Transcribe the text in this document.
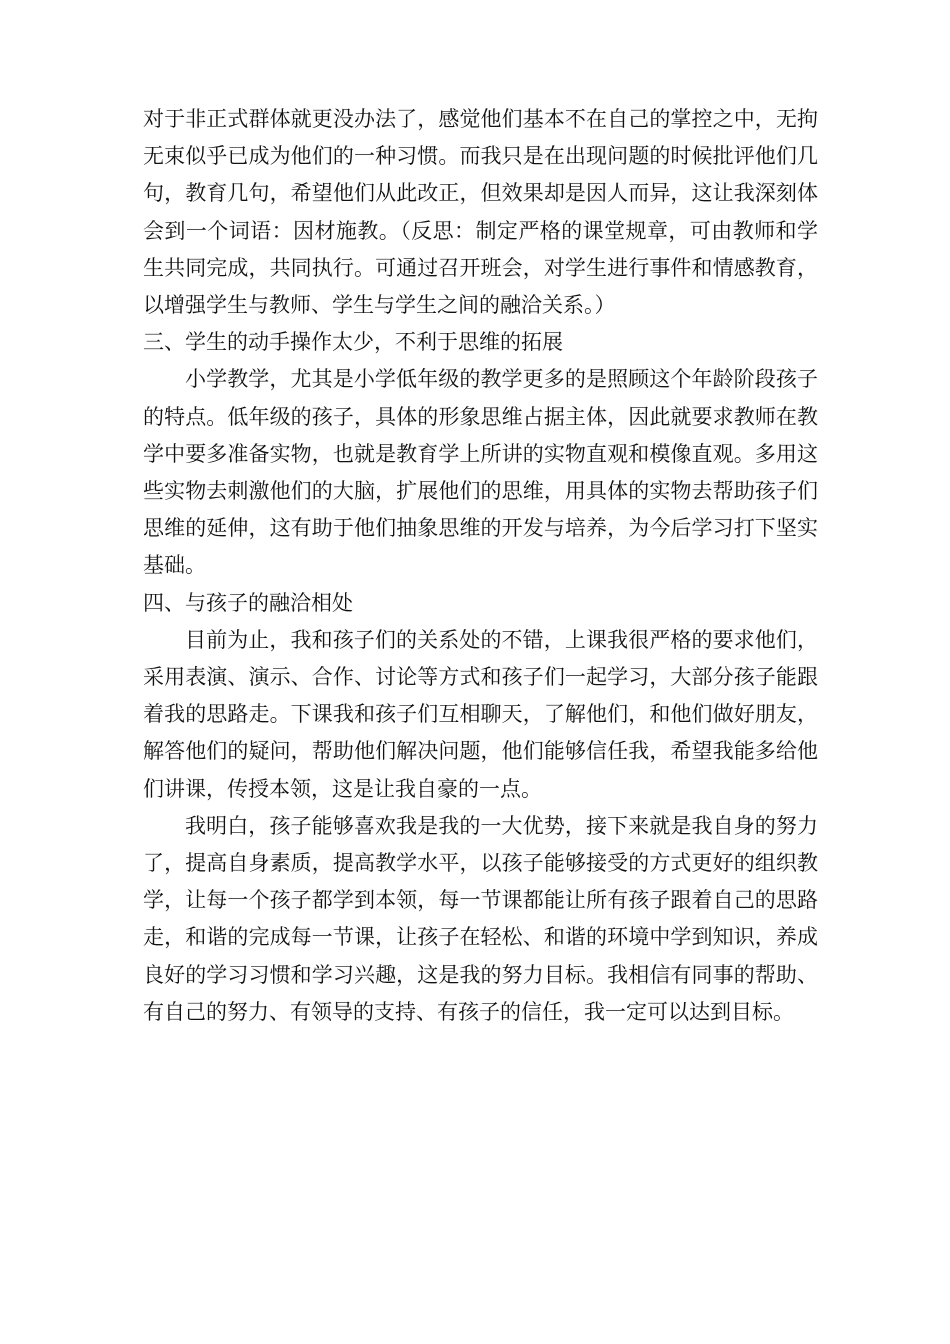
对于非正式群体就更没办法了，感觉他们基本不在自己的掌控之中，无拘无束似乎已成为他们的一种习惯。而我只是在出现问题的时候批评他们几句，教育几句，希望他们从此改正，但效果却是因人而异，这让我深刻体会到一个词语：因材施教。（反思：制定严格的课堂规章，可由教师和学生共同完成，共同执行。可通过召开班会，对学生进行事件和情感教育，以增强学生与教师、学生与学生之间的融洽关系。）

三、学生的动手操作太少，不利于思维的拓展

小学教学，尤其是小学低年级的教学更多的是照顾这个年龄阶段孩子的特点。低年级的孩子，具体的形象思维占据主体，因此就要求教师在教学中要多准备实物，也就是教育学上所讲的实物直观和模像直观。多用这些实物去刺激他们的大脑，扩展他们的思维，用具体的实物去帮助孩子们思维的延伸，这有助于他们抽象思维的开发与培养，为今后学习打下坚实基础。

四、与孩子的融洽相处

目前为止，我和孩子们的关系处的不错，上课我很严格的要求他们，采用表演、演示、合作、讨论等方式和孩子们一起学习，大部分孩子能跟着我的思路走。下课我和孩子们互相聊天，了解他们，和他们做好朋友，解答他们的疑问，帮助他们解决问题，他们能够信任我，希望我能多给他们讲课，传授本领，这是让我自豪的一点。

我明白，孩子能够喜欢我是我的一大优势，接下来就是我自身的努力了，提高自身素质，提高教学水平，以孩子能够接受的方式更好的组织教学，让每一个孩子都学到本领，每一节课都能让所有孩子跟着自己的思路走，和谐的完成每一节课，让孩子在轻松、和谐的环境中学到知识，养成良好的学习习惯和学习兴趣，这是我的努力目标。我相信有同事的帮助、有自己的努力、有领导的支持、有孩子的信任，我一定可以达到目标。
